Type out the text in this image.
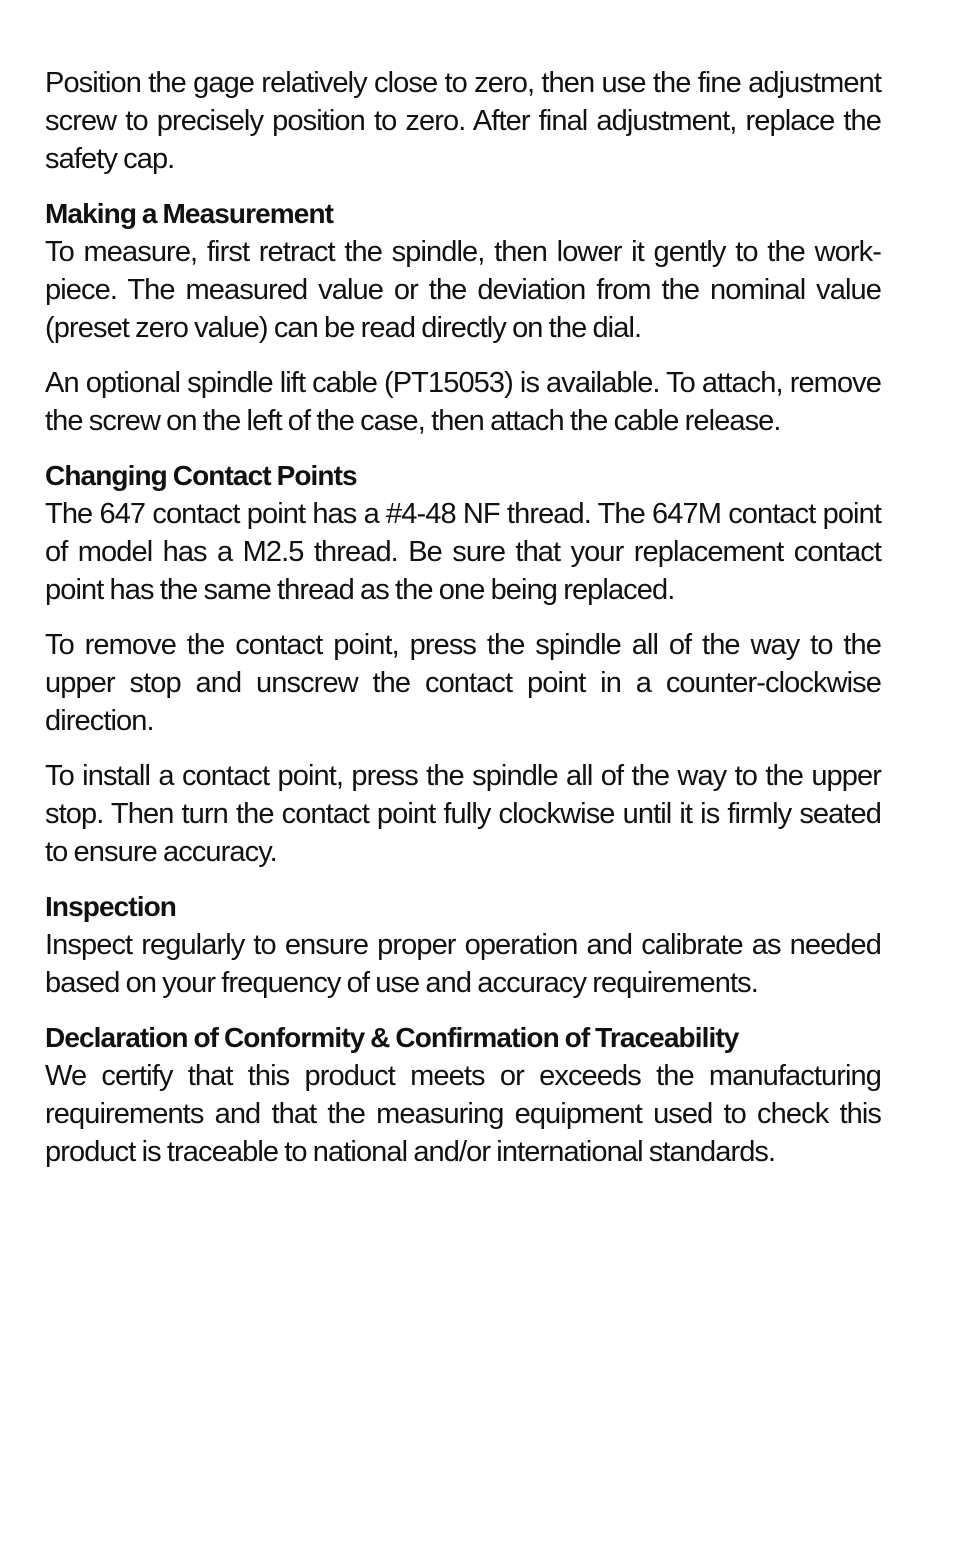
Position the gage relatively close to zero, then use the fine adjustment screw to precisely position to zero. After final adjustment, replace the safety cap.

Making a Measurement

To measure, first retract the spindle, then lower it gently to the work-piece. The measured value or the deviation from the nominal value (preset zero value) can be read directly on the dial.

An optional spindle lift cable (PT15053) is available. To attach, remove the screw on the left of the case, then attach the cable release.

Changing Contact Points

The 647 contact point has a #4-48 NF thread. The 647M contact point of model has a M2.5 thread. Be sure that your replacement contact point has the same thread as the one being replaced.

To remove the contact point, press the spindle all of the way to the upper stop and unscrew the contact point in a counter-clockwise direction.

To install a contact point, press the spindle all of the way to the upper stop. Then turn the contact point fully clockwise until it is firmly seated to ensure accuracy.

Inspection

Inspect regularly to ensure proper operation and calibrate as needed based on your frequency of use and accuracy requirements.

Declaration of Conformity & Confirmation of Traceability

We certify that this product meets or exceeds the manufacturing requirements and that the measuring equipment used to check this product is traceable to national and/or international standards.
